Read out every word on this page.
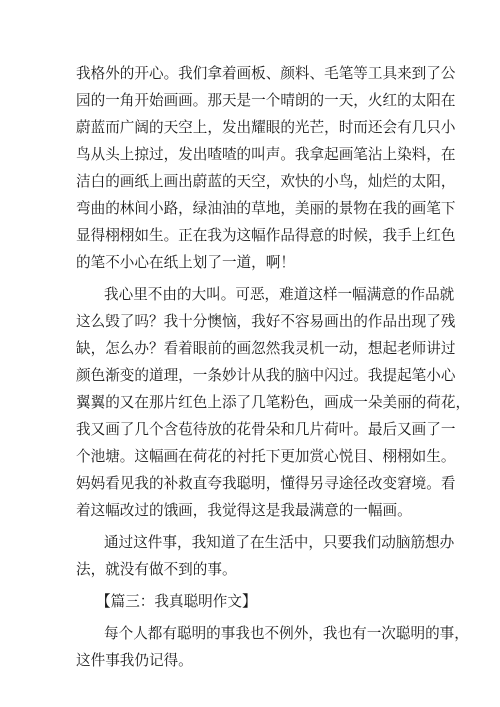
我格外的开心。我们拿着画板、颜料、毛笔等工具来到了公
园的一角开始画画。那天是一个晴朗的一天，火红的太阳在
蔚蓝而广阔的天空上，发出耀眼的光芒，时而还会有几只小
鸟从头上掠过，发出喳喳的叫声。我拿起画笔沾上染料，在
洁白的画纸上画出蔚蓝的天空，欢快的小鸟，灿烂的太阳，
弯曲的林间小路，绿油油的草地，美丽的景物在我的画笔下
显得栩栩如生。正在我为这幅作品得意的时候，我手上红色
的笔不小心在纸上划了一道，啊！
我心里不由的大叫。可恶，难道这样一幅满意的作品就
这么毁了吗？我十分懊恼，我好不容易画出的作品出现了残
缺，怎么办？看着眼前的画忽然我灵机一动，想起老师讲过
颜色渐变的道理，一条妙计从我的脑中闪过。我提起笔小心
翼翼的又在那片红色上添了几笔粉色，画成一朵美丽的荷花，
我又画了几个含苞待放的花骨朵和几片荷叶。最后又画了一
个池塘。这幅画在荷花的衬托下更加赏心悦目、栩栩如生。
妈妈看见我的补救直夸我聪明，懂得另寻途径改变窘境。看
着这幅改过的饿画，我觉得这是我最满意的一幅画。
通过这件事，我知道了在生活中，只要我们动脑筋想办
法，就没有做不到的事。
【篇三：我真聪明作文】
每个人都有聪明的事我也不例外，我也有一次聪明的事，
这件事我仍记得。
